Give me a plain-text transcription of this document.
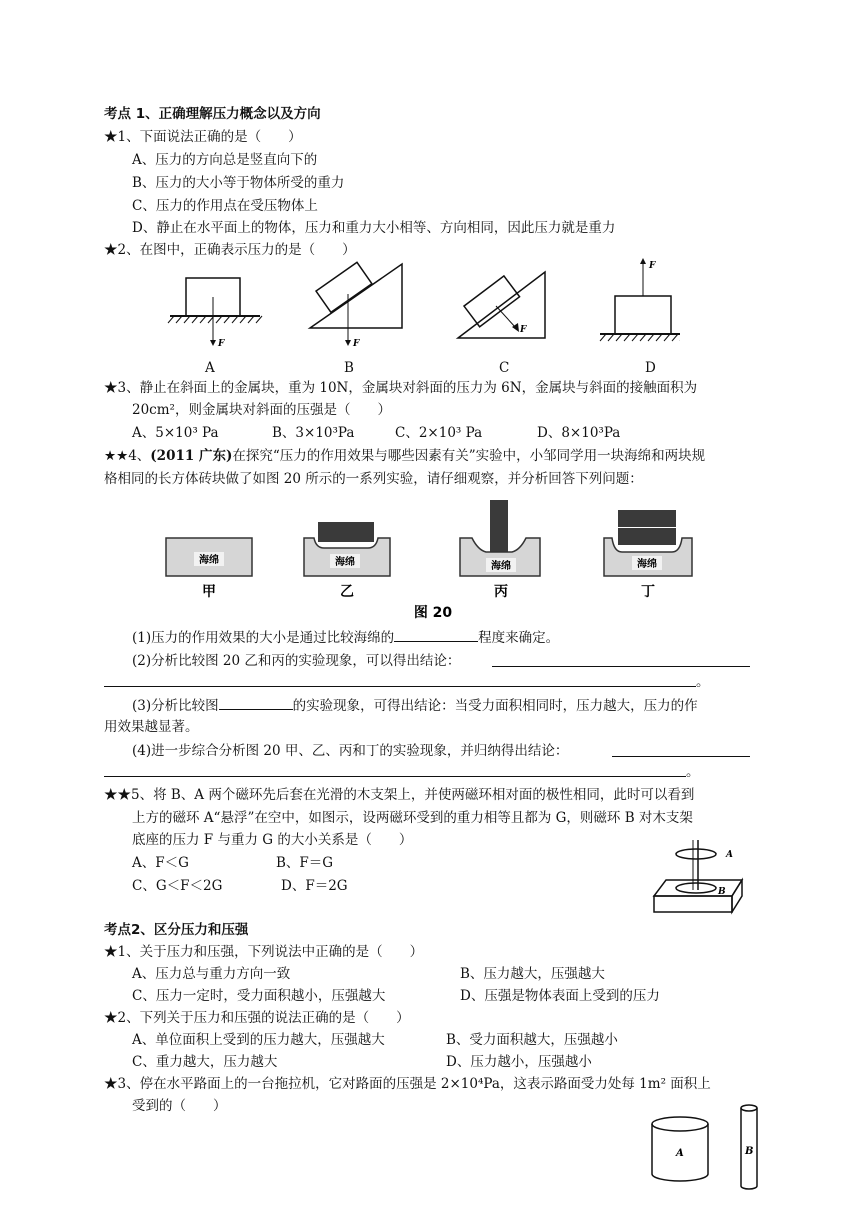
考点 1、正确理解压力概念以及方向
★1、下面说法正确的是（　　）
A、压力的方向总是竖直向下的
B、压力的大小等于物体所受的重力
C、压力的作用点在受压物体上
D、静止在水平面上的物体，压力和重力大小相等、方向相同，因此压力就是重力
★2、在图中，正确表示压力的是（　　）
F	F
F
F
A	B	C	D
★3、静止在斜面上的金属块，重为 10N，金属块对斜面的压力为 6N，金属块与斜面的接触面积为
20cm²，则金属块对斜面的压强是（　　）
A、5×10³ Pa	B、3×10³Pa	C、2×10³ Pa	D、8×10³Pa
★★4、(2011 广东)在探究“压力的作用效果与哪些因素有关”实验中，小邹同学用一块海绵和两块规
格相同的长方体砖块做了如图 20 所示的一系列实验，请仔细观察，并分析回答下列问题：
海绵	海绵	海绵	海绵
甲	乙	丙	丁
图 20
(1)压力的作用效果的大小是通过比较海绵的	程度来确定。
(2)分析比较图 20 乙和丙的实验现象，可以得出结论：
。
(3)分析比较图	的实验现象，可得出结论：当受力面积相同时，压力越大，压力的作
用效果越显著。
(4)进一步综合分析图 20 甲、乙、丙和丁的实验现象，并归纳得出结论：
。
★★5、将 B、A 两个磁环先后套在光滑的木支架上，并使两磁环相对面的极性相同，此时可以看到
上方的磁环 A“悬浮”在空中，如图示，设两磁环受到的重力相等且都为 G，则磁环 B 对木支架
底座的压力 F 与重力 G 的大小关系是（　　）
A、F＜G	B、F＝G
C、G＜F＜2G	D、F＝2G
A
B
考点2、区分压力和压强
★1、关于压力和压强，下列说法中正确的是（　　）
A、压力总与重力方向一致	B、压力越大，压强越大
C、压力一定时，受力面积越小，压强越大	D、压强是物体表面上受到的压力
★2、下列关于压力和压强的说法正确的是（　　）
A、单位面积上受到的压力越大，压强越大	B、受力面积越大，压强越小
C、重力越大，压力越大	D、压力越小，压强越小
★3、停在水平路面上的一台拖拉机，它对路面的压强是 2×10⁴Pa，这表示路面受力处每 1m² 面积上
受到的（　　）
A	B
